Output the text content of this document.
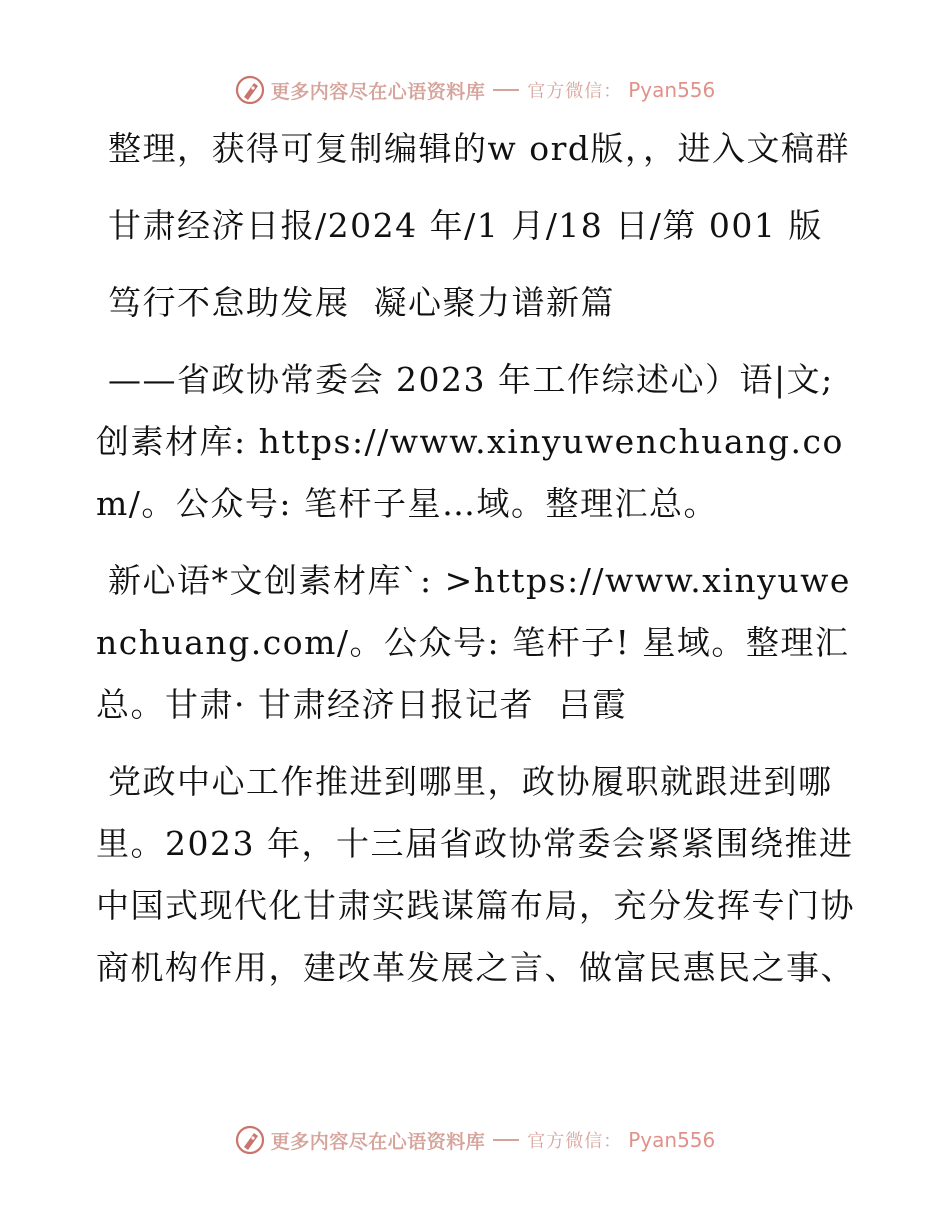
更多内容尽在心语资料库 官方微信： Pyan556

整理，获得可复制编辑的w ord版，，进入文稿群

甘肃经济日报/2024 年/1 月/18 日/第 001 版

笃行不怠助发展  凝心聚力谱新篇

——省政协常委会 2023 年工作综述心）语|文;创素材库: https://www.xinyuwenchuang.com/。公众号: 笔杆子星…域。整理汇总。

新心语*文创素材库`: >https://www.xinyuwenchuang.com/。公众号: 笔杆子! 星域。整理汇总。甘肃· 甘肃经济日报记者  吕霞

党政中心工作推进到哪里，政协履职就跟进到哪里。2023 年，十三届省政协常委会紧紧围绕推进中国式现代化甘肃实践谋篇布局，充分发挥专门协商机构作用，建改革发展之言、做富民惠民之事、

更多内容尽在心语资料库 官方微信： Pyan556
